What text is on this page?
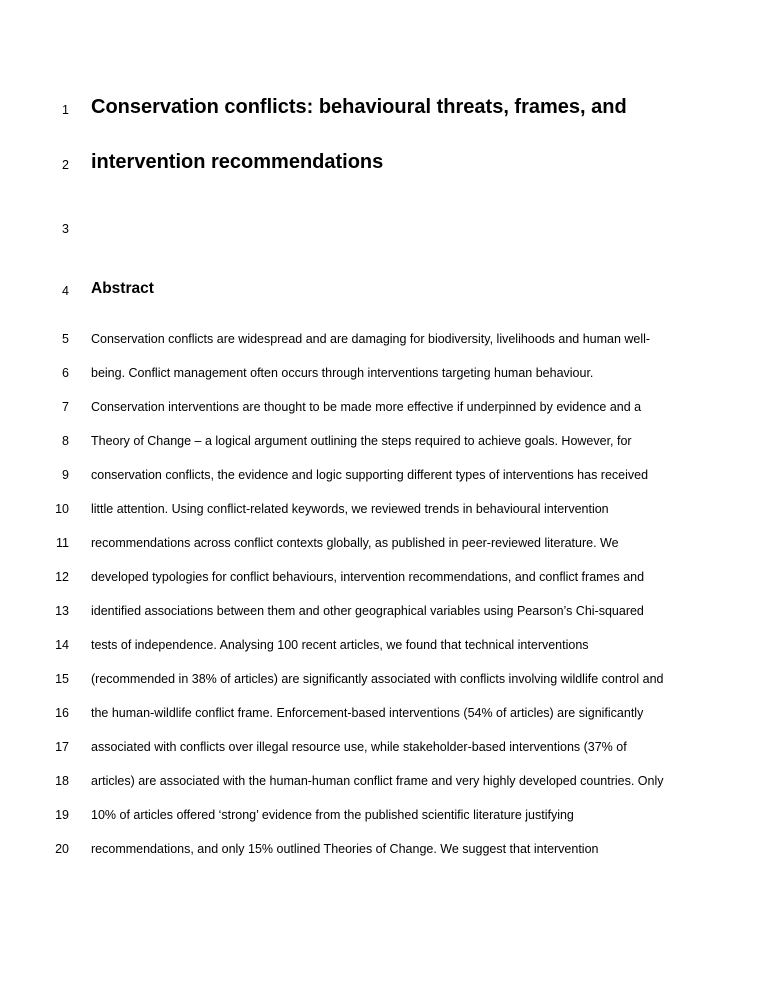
1 Conservation conflicts: behavioural threats, frames, and
2 intervention recommendations
3
4 Abstract
5 Conservation conflicts are widespread and are damaging for biodiversity, livelihoods and human well-
6 being. Conflict management often occurs through interventions targeting human behaviour.
7 Conservation interventions are thought to be made more effective if underpinned by evidence and a
8 Theory of Change – a logical argument outlining the steps required to achieve goals. However, for
9 conservation conflicts, the evidence and logic supporting different types of interventions has received
10 little attention. Using conflict-related keywords, we reviewed trends in behavioural intervention
11 recommendations across conflict contexts globally, as published in peer-reviewed literature. We
12 developed typologies for conflict behaviours, intervention recommendations, and conflict frames and
13 identified associations between them and other geographical variables using Pearson’s Chi-squared
14 tests of independence. Analysing 100 recent articles, we found that technical interventions
15 (recommended in 38% of articles) are significantly associated with conflicts involving wildlife control and
16 the human-wildlife conflict frame. Enforcement-based interventions (54% of articles) are significantly
17 associated with conflicts over illegal resource use, while stakeholder-based interventions (37% of
18 articles) are associated with the human-human conflict frame and very highly developed countries. Only
19 10% of articles offered ‘strong’ evidence from the published scientific literature justifying
20 recommendations, and only 15% outlined Theories of Change. We suggest that intervention
